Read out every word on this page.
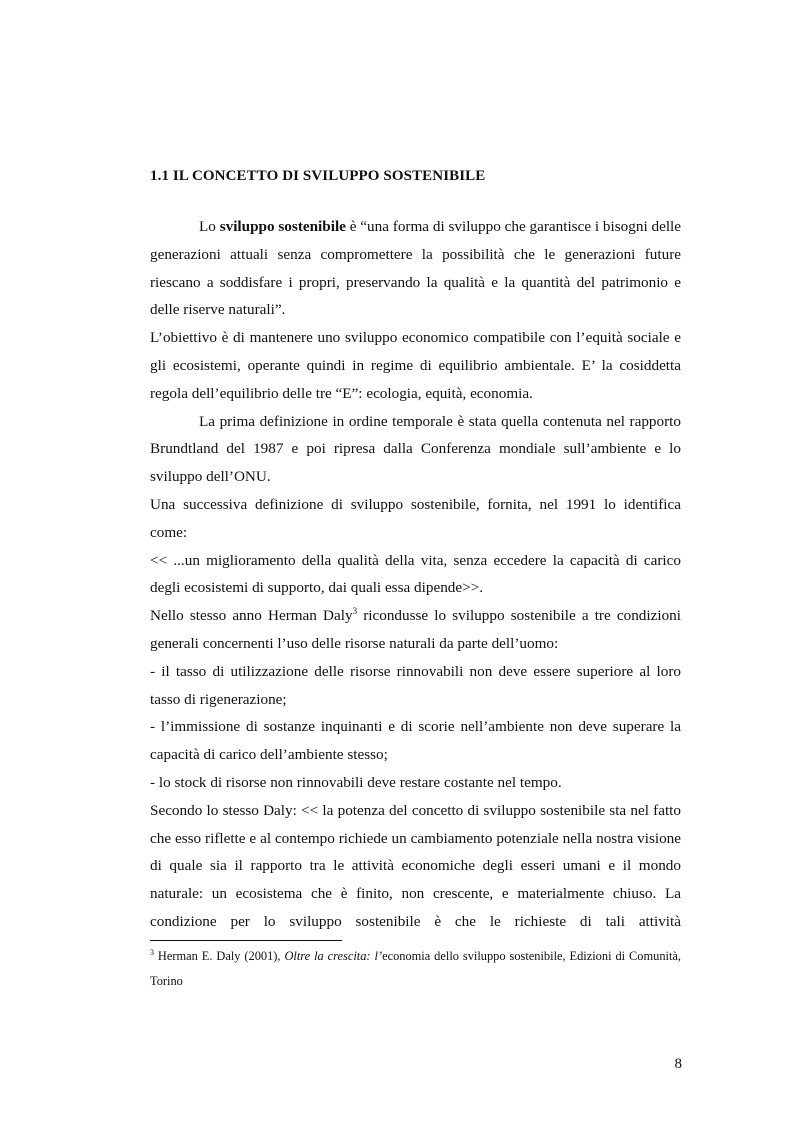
1.1 IL CONCETTO DI SVILUPPO SOSTENIBILE

Lo sviluppo sostenibile è “una forma di sviluppo che garantisce i bisogni delle generazioni attuali senza compromettere la possibilità che le generazioni future riescano a soddisfare i propri, preservando la qualità e la quantità del patrimonio e delle riserve naturali”.

L’obiettivo è di mantenere uno sviluppo economico compatibile con l’equità sociale e gli ecosistemi, operante quindi in regime di equilibrio ambientale. E’ la cosiddetta regola dell’equilibrio delle tre “E”: ecologia, equità, economia.

La prima definizione in ordine temporale è stata quella contenuta nel rapporto Brundtland del 1987 e poi ripresa dalla Conferenza mondiale sull’ambiente e lo sviluppo dell’ONU.

Una successiva definizione di sviluppo sostenibile, fornita, nel 1991 lo identifica come:

<< ...un miglioramento della qualità della vita, senza eccedere la capacità di carico degli ecosistemi di supporto, dai quali essa dipende>>.

Nello stesso anno Herman Daly$^3$ ricondusse lo sviluppo sostenibile a tre condizioni generali concernenti l’uso delle risorse naturali da parte dell’uomo:

- il tasso di utilizzazione delle risorse rinnovabili non deve essere superiore al loro tasso di rigenerazione;

- l’immissione di sostanze inquinanti e di scorie nell’ambiente non deve superare la capacità di carico dell’ambiente stesso;

- lo stock di risorse non rinnovabili deve restare costante nel tempo.

Secondo lo stesso Daly: << la potenza del concetto di sviluppo sostenibile sta nel fatto che esso riflette e al contempo richiede un cambiamento potenziale nella nostra visione di quale sia il rapporto tra le attività economiche degli esseri umani e il mondo naturale: un ecosistema che è finito, non crescente, e materialmente chiuso. La condizione per lo sviluppo sostenibile è che le richieste di tali attività

$^3$ Herman E. Daly (2001), Oltre la crescita: l’economia dello sviluppo sostenibile, Edizioni di Comunità, Torino
8
